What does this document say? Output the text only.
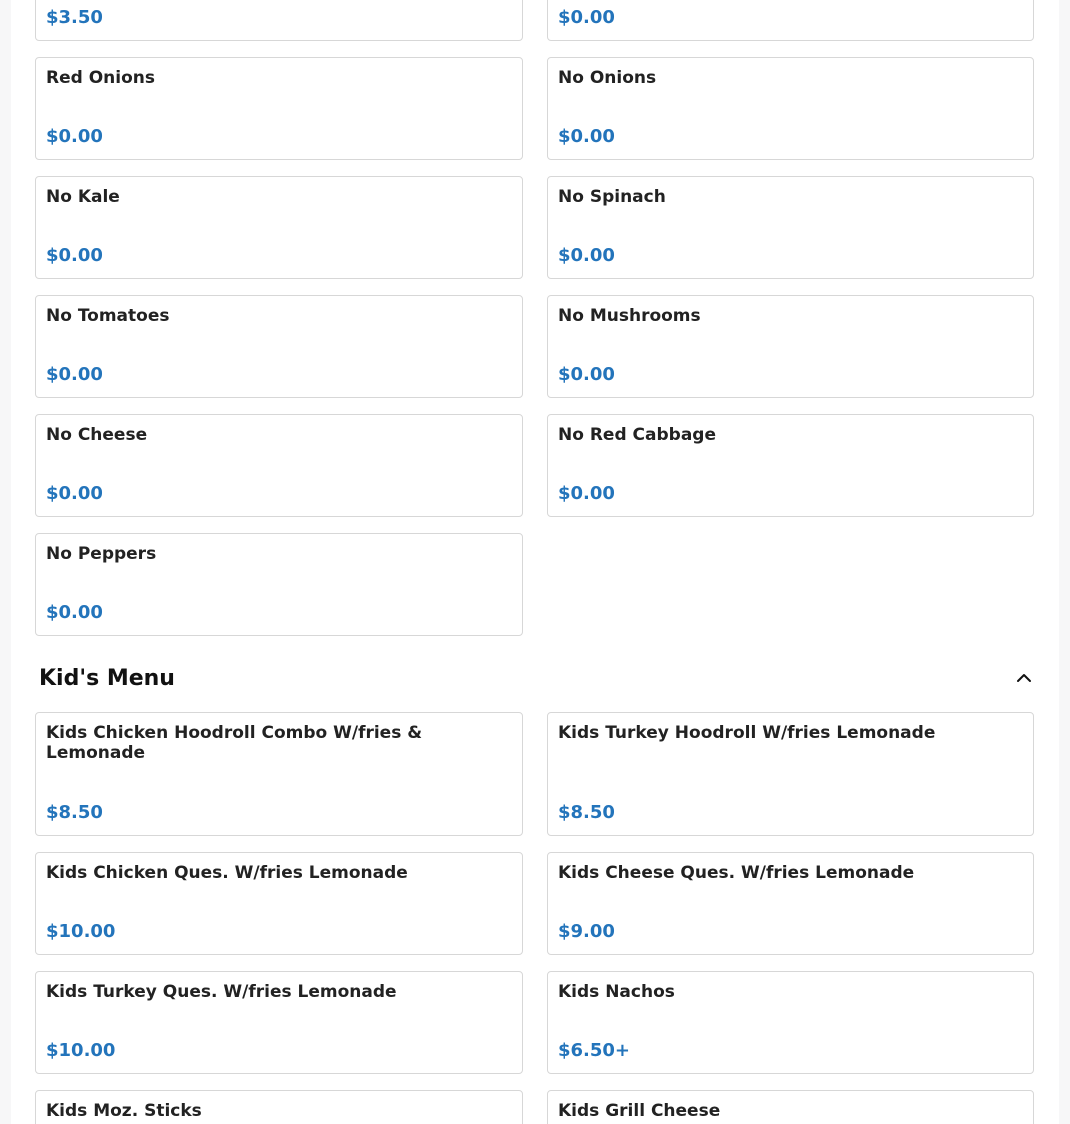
$3.50	$0.00
Red Onions
$0.00
No Onions
$0.00
No Kale
$0.00
No Spinach
$0.00
No Tomatoes
$0.00
No Mushrooms
$0.00
No Cheese
$0.00
No Red Cabbage
$0.00
No Peppers
$0.00
Kid's Menu
Kids Chicken Hoodroll Combo W/fries & Lemonade
$8.50
Kids Turkey Hoodroll W/fries Lemonade
$8.50
Kids Chicken Ques. W/fries Lemonade
$10.00
Kids Cheese Ques. W/fries Lemonade
$9.00
Kids Turkey Ques. W/fries Lemonade
$10.00
Kids Nachos
$6.50+
Kids Moz. Sticks	Kids Grill Cheese
